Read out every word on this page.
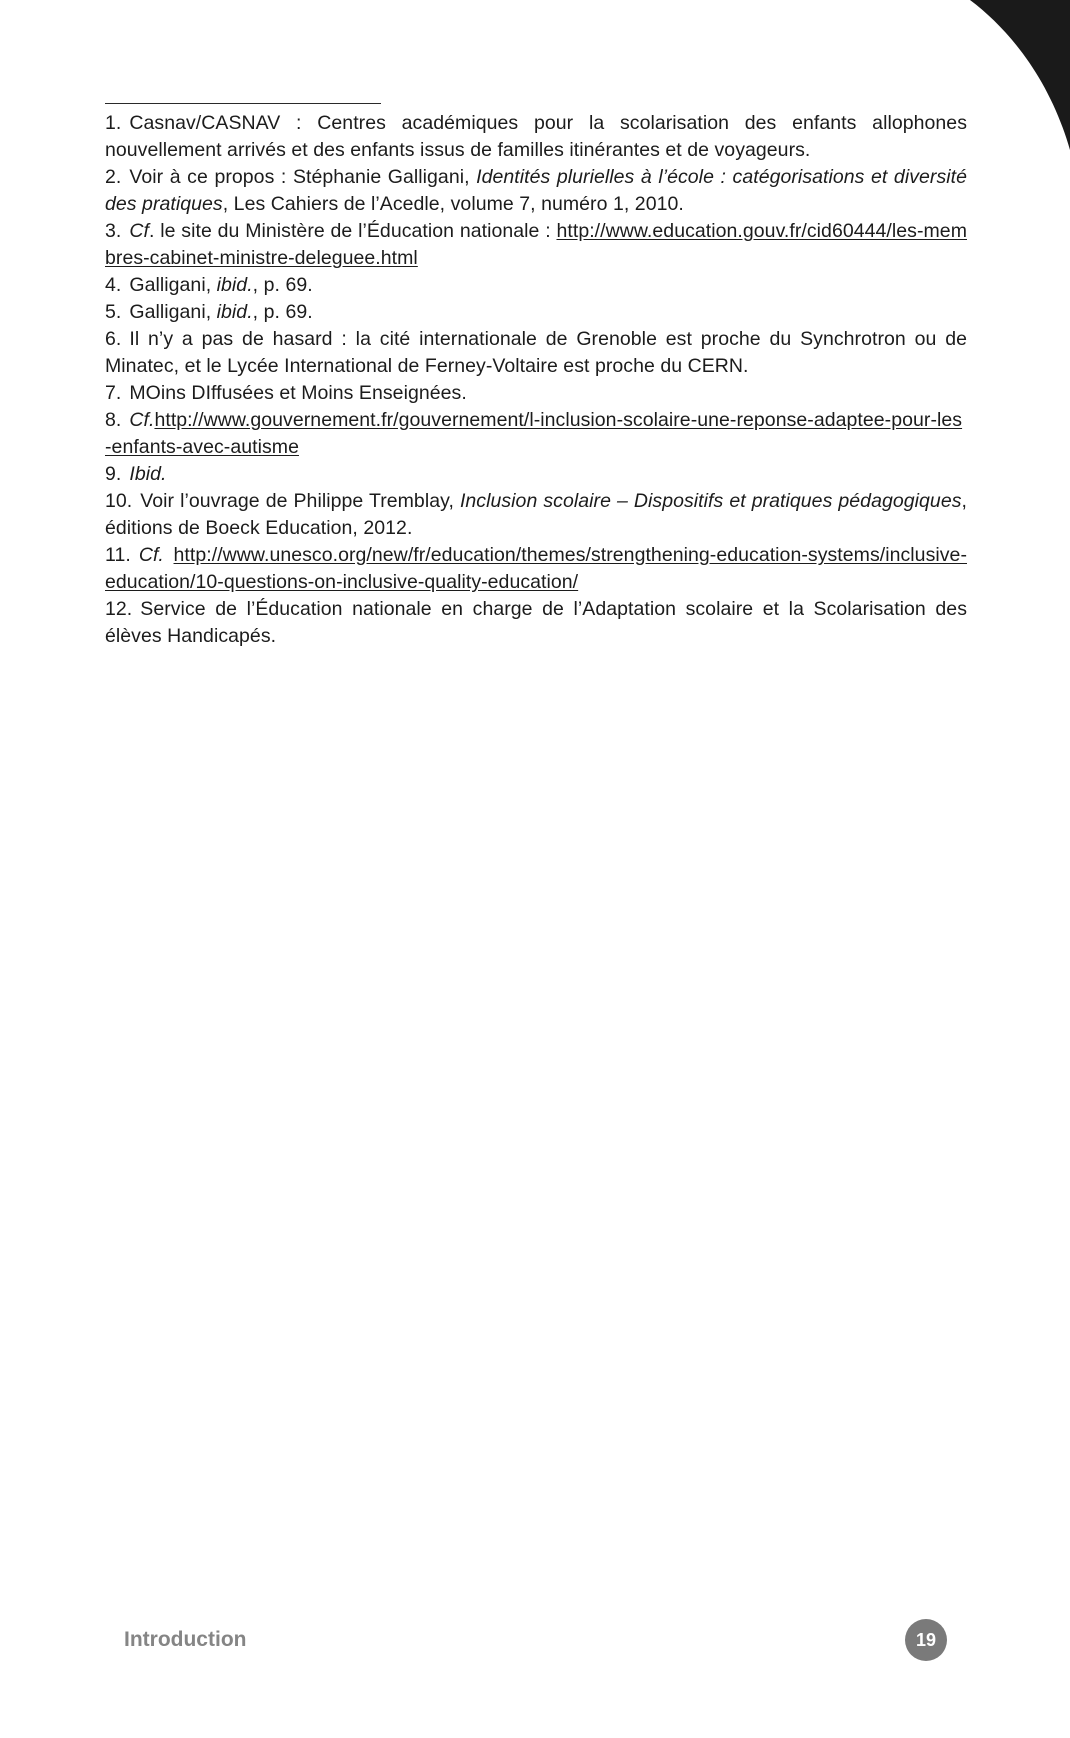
1. Casnav/CASNAV : Centres académiques pour la scolarisation des enfants allophones nouvellement arrivés et des enfants issus de familles itinérantes et de voyageurs.

2. Voir à ce propos : Stéphanie Galligani, Identités plurielles à l’école : catégorisations et diversité des pratiques, Les Cahiers de l’Acedle, volume 7, numéro 1, 2010.

3. Cf. le site du Ministère de l’Éducation nationale : http://www.education.gouv.fr/cid60444/les-membres-cabinet-ministre-deleguee.html

4. Galligani, ibid., p. 69.

5. Galligani, ibid., p. 69.

6. Il n’y a pas de hasard : la cité internationale de Grenoble est proche du Synchrotron ou de Minatec, et le Lycée International de Ferney-Voltaire est proche du CERN.

7. MOins DIffusées et Moins Enseignées.

8. Cf.http://www.gouvernement.fr/gouvernement/l-inclusion-scolaire-une-reponse-adaptee-pour-les-enfants-avec-autisme

9. Ibid.

10. Voir l’ouvrage de Philippe Tremblay, Inclusion scolaire – Dispositifs et pratiques pédagogiques, éditions de Boeck Education, 2012.

11. Cf. http://www.unesco.org/new/fr/education/themes/strengthening-education-systems/inclusive-education/10-questions-on-inclusive-quality-education/

12. Service de l’Éducation nationale en charge de l’Adaptation scolaire et la Scolarisation des élèves Handicapés.

Introduction	19
